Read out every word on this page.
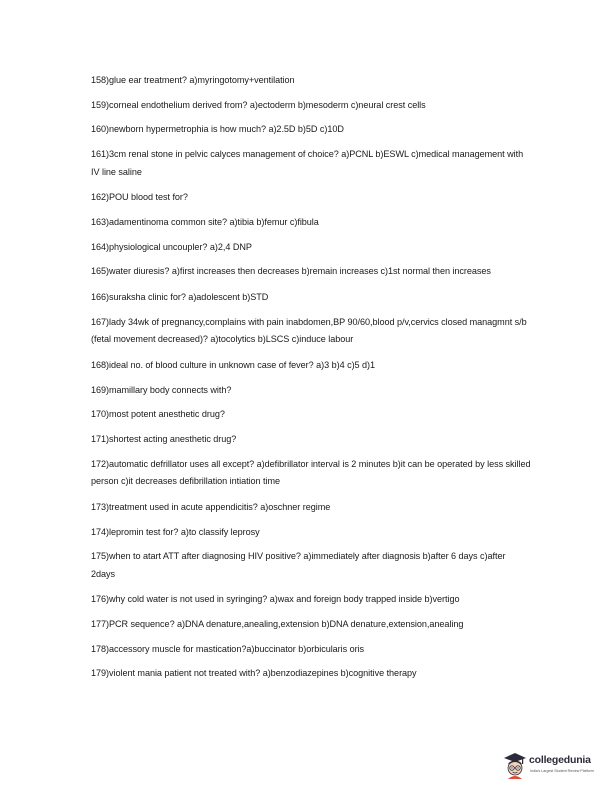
158)glue ear treatment? a)myringotomy+ventilation
159)corneal endothelium derived from? a)ectoderm b)mesoderm c)neural crest cells
160)newborn hypermetrophia is how much? a)2.5D b)5D c)10D
161)3cm renal stone in pelvic calyces management of choice? a)PCNL b)ESWL c)medical management with IV line saline
162)POU blood test for?
163)adamentinoma common site? a)tibia b)femur c)fibula
164)physiological uncoupler? a)2,4 DNP
165)water diuresis? a)first increases then decreases b)remain increases c)1st normal then increases
166)suraksha clinic for? a)adolescent b)STD
167)lady 34wk of pregnancy,complains with pain inabdomen,BP 90/60,blood p/v,cervics closed managmnt s/b (fetal movement decreased)? a)tocolytics b)LSCS c)induce labour
168)ideal no. of blood culture in unknown case of fever? a)3 b)4 c)5 d)1
169)mamillary body connects with?
170)most potent anesthetic drug?
171)shortest acting anesthetic drug?
172)automatic defrillator uses all except? a)defibrillator interval is 2 minutes b)it can be operated by less skilled person c)it decreases defibrillation intiation time
173)treatment used in acute appendicitis? a)oschner regime
174)lepromin test for? a)to classify leprosy
175)when to atart ATT after diagnosing HIV positive? a)immediately after diagnosis b)after 6 days c)after 2days
176)why cold water is not used in syringing? a)wax and foreign body trapped inside b)vertigo
177)PCR sequence? a)DNA denature,anealing,extension b)DNA denature,extension,anealing
178)accessory muscle for mastication?a)buccinator b)orbicularis oris
179)violent mania patient not treated with? a)benzodiazepines b)cognitive therapy
collegedunia
India's Largest Student Review Platform
